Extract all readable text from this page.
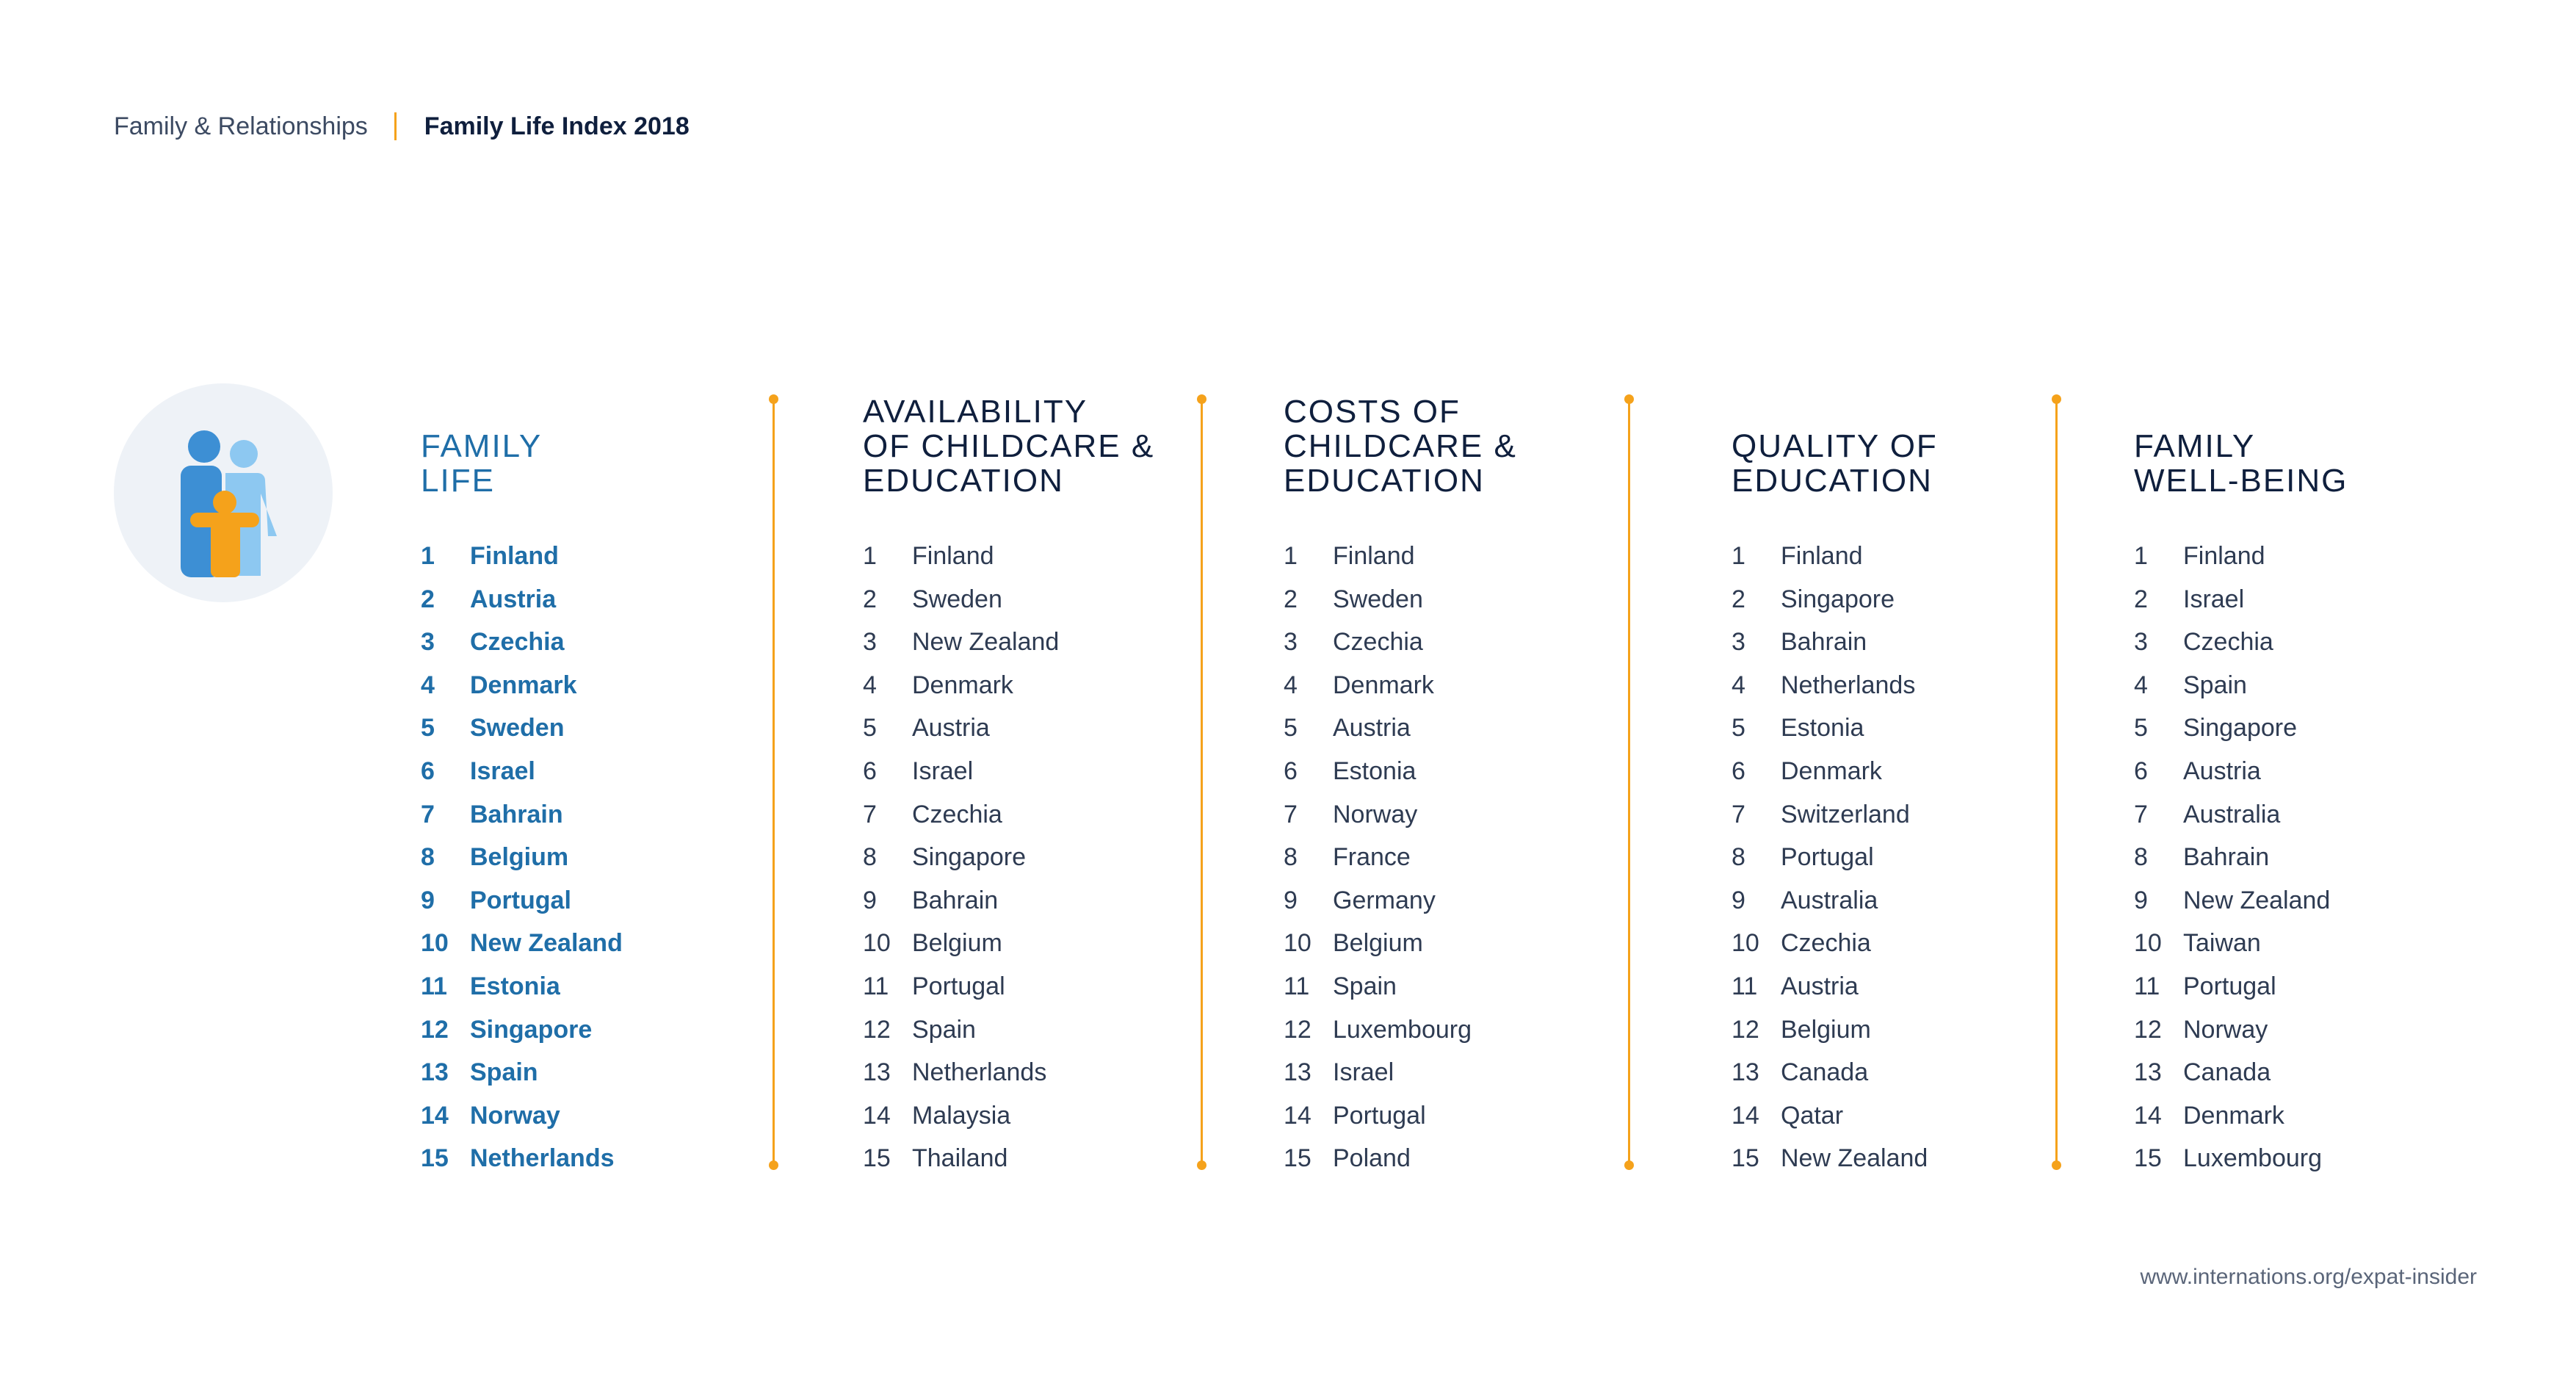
Family & Relationships Family Life Index 2018
FAMILY
LIFE
1	Finland
2	Austria
3	Czechia
4	Denmark
5	Sweden
6	Israel
7	Bahrain
8	Belgium
9	Portugal
10 New Zealand
11 Estonia
12 Singapore
13 Spain
14 Norway
15 Netherlands
AVAILABILITY
OF CHILDCARE &
EDUCATION
1	Finland
2	Sweden
3	New Zealand
4	Denmark
5	Austria
6	Israel
7	Czechia
8	Singapore
9	Bahrain
10 Belgium
11 Portugal
12 Spain
13 Netherlands
14 Malaysia
15 Thailand
COSTS OF
CHILDCARE &
EDUCATION
1	Finland
2	Sweden
3	Czechia
4	Denmark
5	Austria
6	Estonia
7	Norway
8	France
9	Germany
10 Belgium
11 Spain
12 Luxembourg
13 Israel
14 Portugal
15 Poland
QUALITY OF
EDUCATION
1	Finland
2	Singapore
3	Bahrain
4	Netherlands
5	Estonia
6	Denmark
7	Switzerland
8	Portugal
9	Australia
10 Czechia
11 Austria
12 Belgium
13 Canada
14 Qatar
15 New Zealand
FAMILY
WELL-BEING
1	Finland
2	Israel
3	Czechia
4	Spain
5	Singapore
6	Austria
7	Australia
8	Bahrain
9	New Zealand
10 Taiwan
11 Portugal
12 Norway
13 Canada
14 Denmark
15 Luxembourg
www.internations.org/expat-insider
